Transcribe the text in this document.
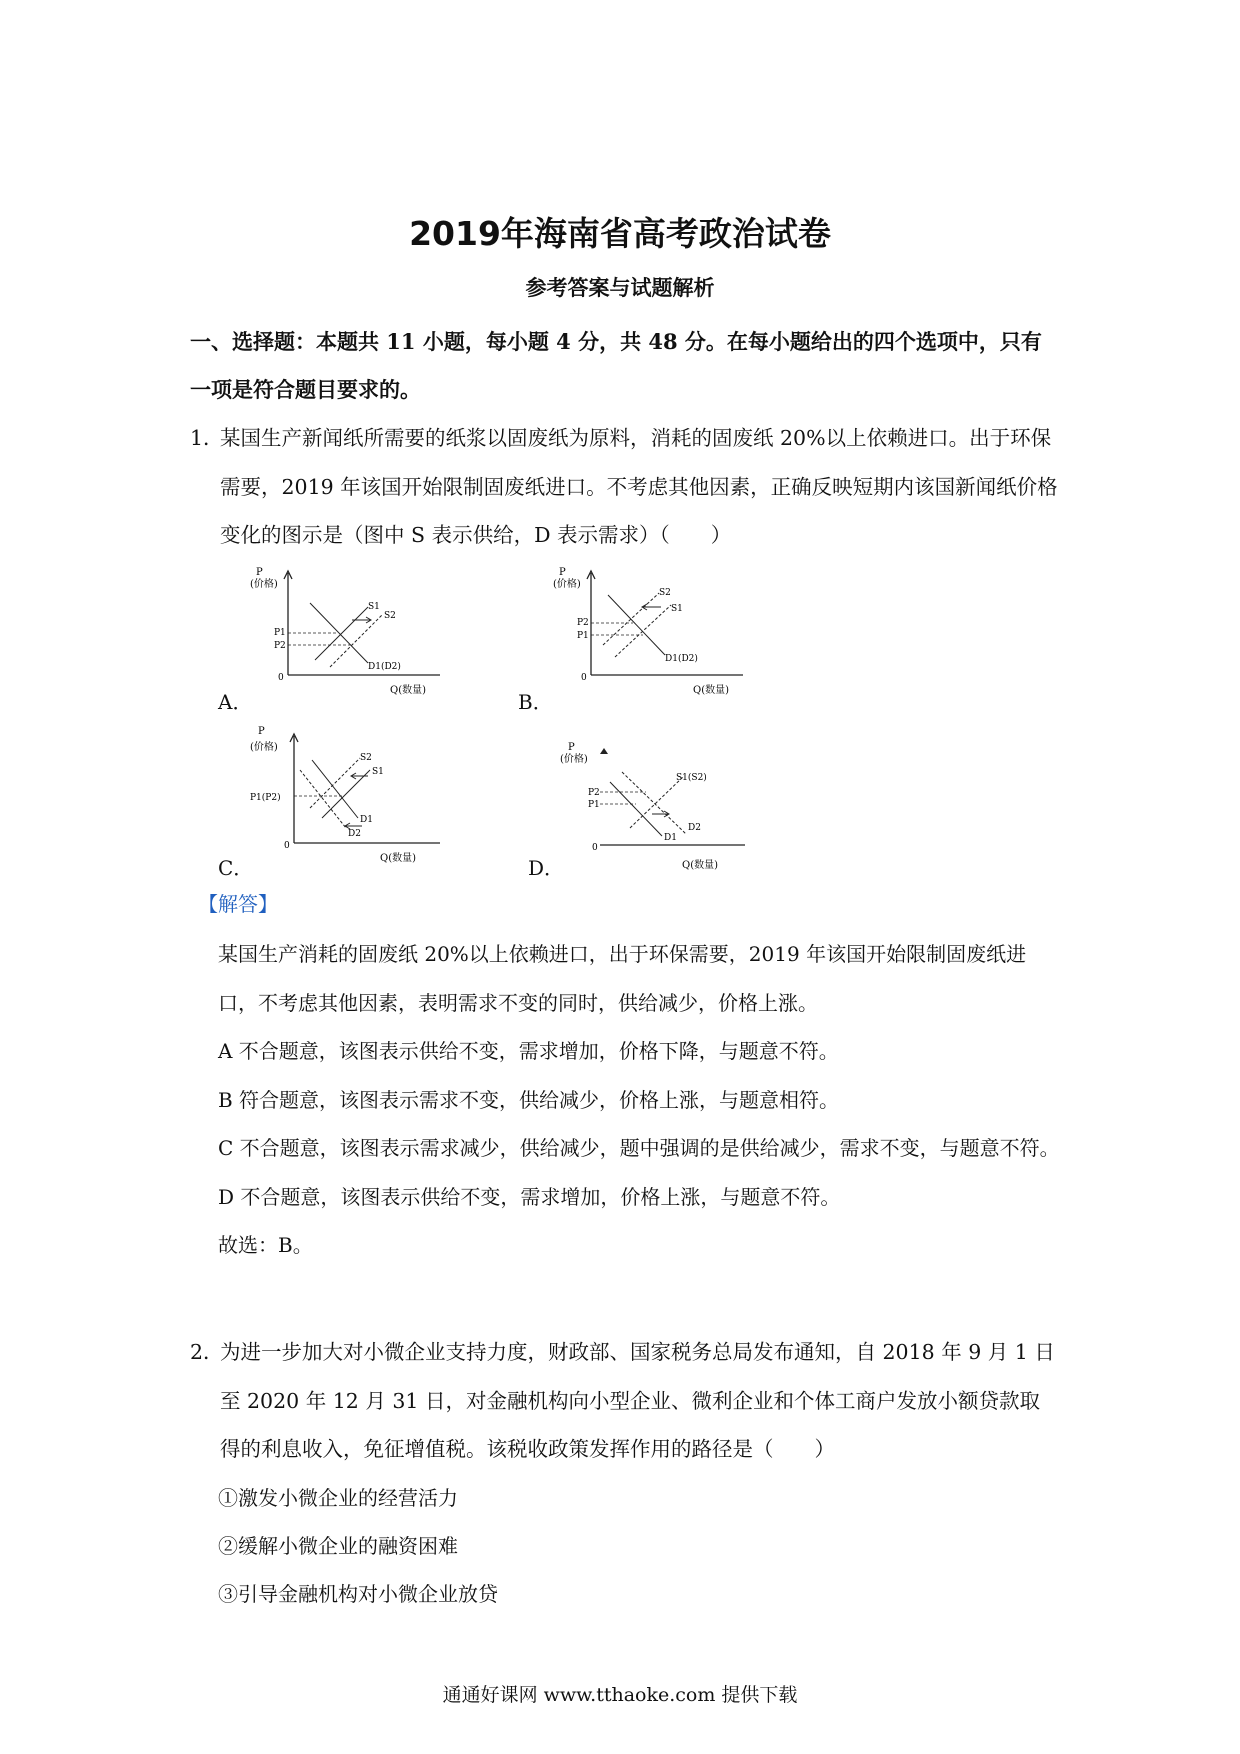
2019年海南省高考政治试卷
参考答案与试题解析
一、选择题：本题共 11 小题，每小题 4 分，共 48 分。在每小题给出的四个选项中，只有一项是符合题目要求的。
1．
某国生产新闻纸所需要的纸浆以固废纸为原料，消耗的固废纸 20%以上依赖进口。出于环保需要，2019 年该国开始限制固废纸进口。不考虑其他因素，正确反映短期内该国新闻纸价格变化的图示是（图中 S 表示供给，D 表示需求）（　　）
P
(价格)
0
Q(数量)
S1
S2
D1(D2)
P1
P2
A．
P
(价格)
0
Q(数量)
S2
S1
D1(D2)
P2
P1
B．
P
(价格)
0
Q(数量)
S2
S1
D1
D2
P1(P2)
C．
P
(价格)
0
Q(数量)
S1(S2)
D2
D1
P2
P1
D．
【解答】

某国生产消耗的固废纸 20%以上依赖进口，出于环保需要，2019 年该国开始限制固废纸进口，不考虑其他因素，表明需求不变的同时，供给减少，价格上涨。

A 不合题意，该图表示供给不变，需求增加，价格下降，与题意不符。

B 符合题意，该图表示需求不变，供给减少，价格上涨，与题意相符。

C 不合题意，该图表示需求减少，供给减少，题中强调的是供给减少，需求不变，与题意不符。

D 不合题意，该图表示供给不变，需求增加，价格上涨，与题意不符。

故选：B。

2．
为进一步加大对小微企业支持力度，财政部、国家税务总局发布通知，自 2018 年 9 月 1 日至 2020 年 12 月 31 日，对金融机构向小型企业、微利企业和个体工商户发放小额贷款取得的利息收入，免征增值税。该税收政策发挥作用的路径是（　　）

①激发小微企业的经营活力

②缓解小微企业的融资困难

③引导金融机构对小微企业放贷

通通好课网 www.tthaoke.com 提供下载
